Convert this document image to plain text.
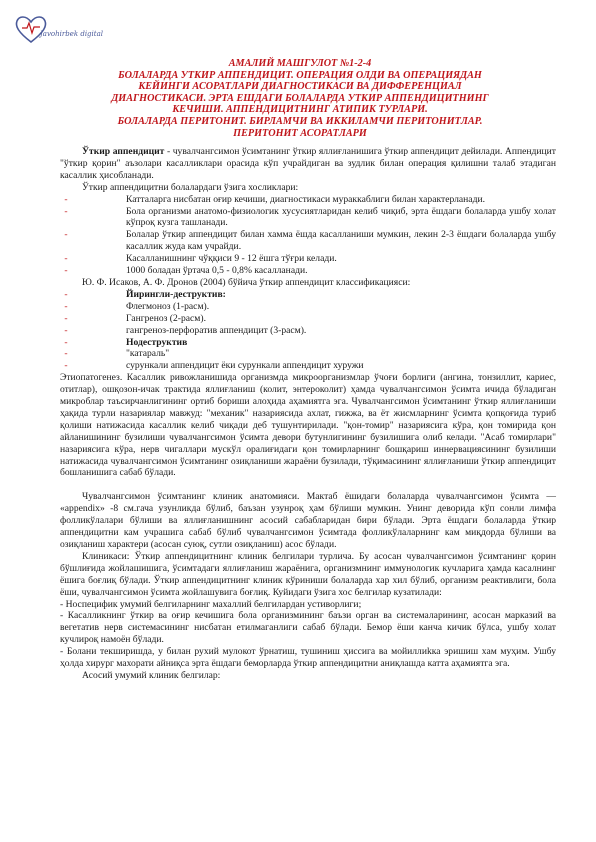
Javohirbek digital
АМАЛИЙ МАШГУЛОТ №1-2-4
БОЛАЛАРДА УТКИР АППЕНДИЦИТ. ОПЕРАЦИЯ ОЛДИ ВА ОПЕРАЦИЯДАН
КЕЙИНГИ АСОРАТЛАРИ ДИАГНОСТИКАСИ ВА ДИФФЕРЕНЦИАЛ
ДИАГНОСТИКАСИ. ЭРТА ЕШДАГИ БОЛАЛАРДА УТКИР АППЕНДИЦИТНИНГ
КЕЧИШИ. АППЕНДИЦИТНИНГ АТИПИК ТУРЛАРИ.
БОЛАЛАРДА ПЕРИТОНИТ. БИРЛАМЧИ ВА ИККИЛАМЧИ ПЕРИТОНИТЛАР.
ПЕРИТОНИТ АСОРАТЛАРИ

Ўткир аппендицит - чувалчангсимон ўсимтанинг ўткир яллиғланишига ўткир аппендицит дейилади. Аппендицит "ўткир қорин" аъзолари касалликлари орасида кўп учрайдиган ва зудлик билан операция қилишни талаб этадиган касаллик ҳисобланади.

Ўткир аппендицитни болалардаги ўзига хосликлари:

-	Катталарга нисбатан оғир кечиши, диагностикаси мураккаблиги билан характерланади.
-	Бола организми анатомо-физиологик хусусиятларидан келиб чиқиб, эрта ёшдаги болаларда ушбу холат кўпроқ кузга ташланади.
-	Болалар ўткир аппендицит билан хамма ёшда касалланиши мумкин, лекин 2-3 ёшдаги болаларда ушбу касаллик жуда кам учрайди.
-	Касалланишнинг чўққиси 9 - 12 ёшга тўғри келади.
-	1000 боладан ўртача 0,5 - 0,8% касалланади.

Ю. Ф. Исаков, А. Ф. Дронов (2004) бўйича ўткир аппендицит классификацияси:

-	Йирингли-деструктив:
-	Флегмоноз (1-расм).
-	Гангреноз (2-расм).
-	гангреноз-перфоратив аппендицит (3-расм).
-	Нодеструктив
-	"катараль"
-	сурункали аппендицит ёки сурункали аппендицит хуружи

Этиопатогенез. Касаллик ривожланишида организмда микроорганизмлар ўчоғи борлиги (ангина, тонзиллит, кариес, отитлар), ошқозон-ичак трактида яллиғланиш (колит, энтероколит) ҳамда чувалчангсимон ўсимта ичида бўладиган микроблар таъсирчанлигининг ортиб бориши алоҳида аҳамиятга эга. Чувалчангсимон ўсимтанинг ўткир яллиғланиши ҳақида турли назариялар мавжуд: "механик" назариясида ахлат, гижжа, ва ёт жисмларнинг ўсимта қопқоғида туриб қолиши натижасида касаллик келиб чиқади деб тушунтирилади. "қон-томир" назариясига кўра, қон томирида қон айланишининг бузилиши чувалчангсимон ўсимта девори бутунлигининг бузилишига олиб келади. "Асаб томирлари" назариясига кўра, нерв чигаллари мускўл оралиғидаги қон томирларнинг бошқариш иннервациясининг бузилиши натижасида чувалчангсимон ўсимтанинг озиқланиши жараёни бузилади, тўқимасининг яллиғланиши ўткир аппендицит бошланишига сабаб бўлади.

Чувалчангсимон ўсимтанинг клиник анатомияси. Мактаб ёшидаги болаларда чувалчангсимон ўсимта — «appendix» -8 см.гача узунликда бўлиб, баъзан узунроқ ҳам бўлиши мумкин. Унинг деворида кўп сонли лимфа фолликўлалари бўлиши ва яллиғланишнинг асосий сабабларидан бири бўлади. Эрта ёшдаги болаларда ўткир аппендицитни кам учрашига сабаб бўлиб чувалчангсимон ўсимтада фолликўлаларнинг кам миқдорда бўлиши ва озиқланиш характери (асосан суюқ, сутли озиқланиш) асос бўлади.

Клиникаси: Ўткир аппендицитнинг клиник белгилари турлича. Бу асосан чувалчангсимон ўсимтанинг қорин бўшлиғида жойлашишига, ўсимтадаги яллиғланиш жараёнига, организмнинг иммунологик кучларига ҳамда касалнинг ёшига боғлиқ бўлади. Ўткир аппендицитнинг клиник кўриниши болаларда хар хил бўлиб, организм реактивлиги, бола ёши, чувалчангсимон ўсимта жойлашувига боғлиқ. Куйидаги ўзига хос белгилар кузатилади:

- Носпецифик умумий белгиларнинг махаллий белгилардан устиворлиги;

- Касалликнинг ўткир ва оғир кечишига бола организмининг баъзи орган ва системаларининг, асосан марказий ва вегетатив нерв системасининг нисбатан етилмаганлиги сабаб бўлади. Бемор ёши канча кичик бўлса, ушбу холат кучлироқ намоён бўлади.

- Болани текширишда, у билан рухий мулокот ўрнатиш, тушиниш ҳиссига ва мойиллиkка эришиш хам муҳим. Ушбу ҳолда хирург махорати айниқса эрта ёшдаги беморларда ўткир аппендицитни аниқлашда катта аҳамиятга эга.

Асосий умумий клиник белгилар:
